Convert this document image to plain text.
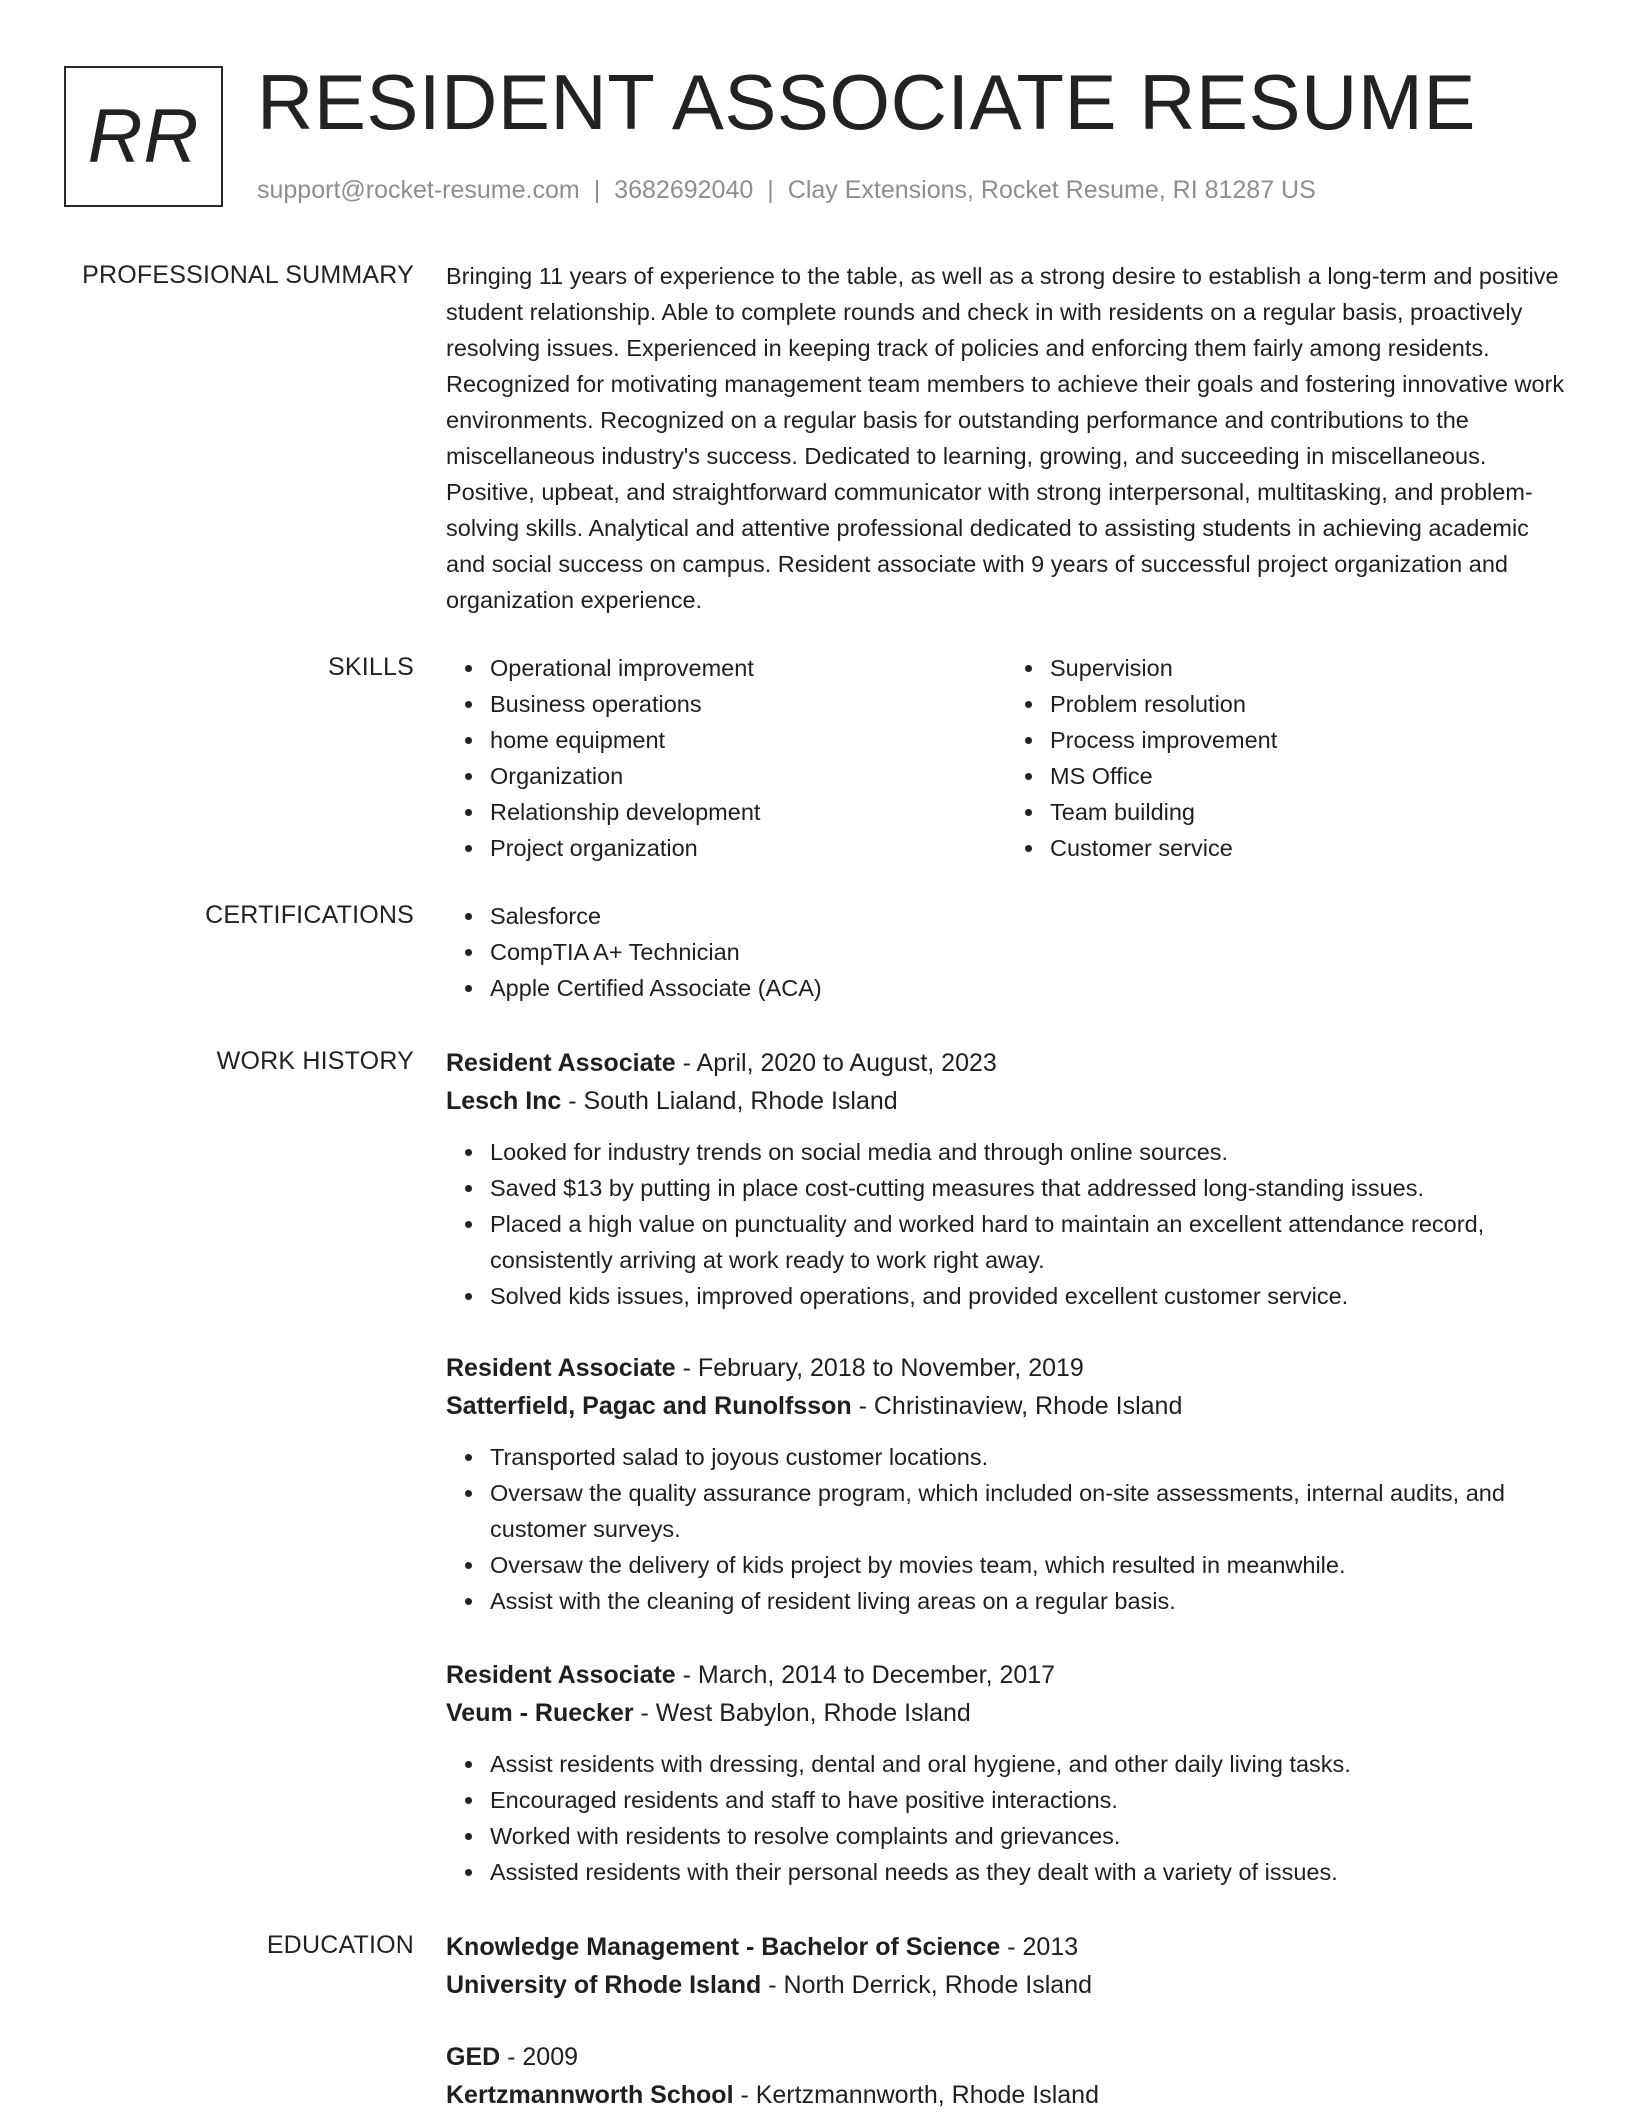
RR RESIDENT ASSOCIATE RESUME
support@rocket-resume.com | 3682692040 | Clay Extensions, Rocket Resume, RI 81287 US
PROFESSIONAL SUMMARY Bringing 11 years of experience to the table, as well as a strong desire to establish a long-term and positive student relationship. Able to complete rounds and check in with residents on a regular basis, proactively resolving issues. Experienced in keeping track of policies and enforcing them fairly among residents. Recognized for motivating management team members to achieve their goals and fostering innovative work environments. Recognized on a regular basis for outstanding performance and contributions to the miscellaneous industry's success. Dedicated to learning, growing, and succeeding in miscellaneous. Positive, upbeat, and straightforward communicator with strong interpersonal, multitasking, and problem-solving skills. Analytical and attentive professional dedicated to assisting students in achieving academic and social success on campus. Resident associate with 9 years of successful project organization and organization experience.

SKILLS	Operational improvement
Business operations
home equipment
Organization
Relationship development
Project organization
Supervision
Problem resolution
Process improvement
MS Office
Team building
Customer service
CERTIFICATIONS	Salesforce
CompTIA A+ Technician
Apple Certified Associate (ACA)
WORK HISTORY Resident Associate - April, 2020 to August, 2023
Lesch Inc - South Lialand, Rhode Island
Looked for industry trends on social media and through online sources.
Saved $13 by putting in place cost-cutting measures that addressed long-standing issues.
Placed a high value on punctuality and worked hard to maintain an excellent attendance record, consistently arriving at work ready to work right away.
Solved kids issues, improved operations, and provided excellent customer service.
Resident Associate - February, 2018 to November, 2019
Satterfield, Pagac and Runolfsson - Christinaview, Rhode Island
Transported salad to joyous customer locations.
Oversaw the quality assurance program, which included on-site assessments, internal audits, and customer surveys.
Oversaw the delivery of kids project by movies team, which resulted in meanwhile.
Assist with the cleaning of resident living areas on a regular basis.
Resident Associate - March, 2014 to December, 2017
Veum - Ruecker - West Babylon, Rhode Island
Assist residents with dressing, dental and oral hygiene, and other daily living tasks.
Encouraged residents and staff to have positive interactions.
Worked with residents to resolve complaints and grievances.
Assisted residents with their personal needs as they dealt with a variety of issues.
EDUCATION Knowledge Management - Bachelor of Science - 2013
University of Rhode Island - North Derrick, Rhode Island
GED - 2009
Kertzmannworth School - Kertzmannworth, Rhode Island
